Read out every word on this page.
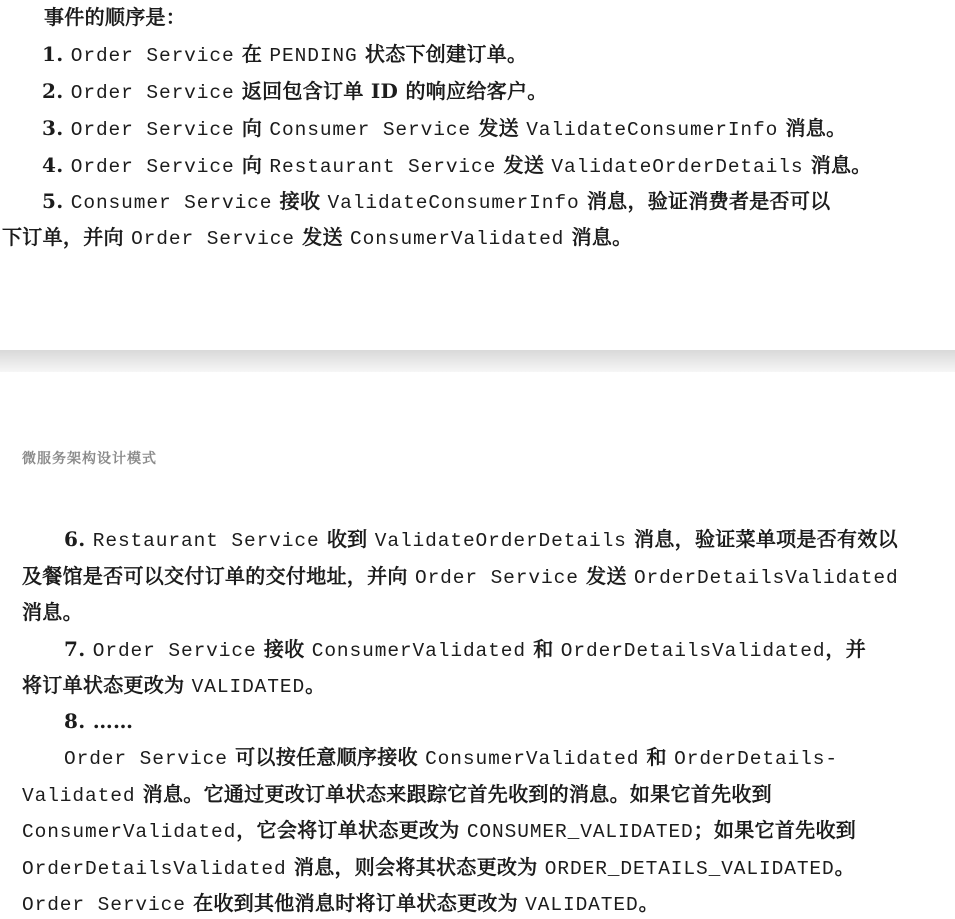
事件的顺序是：
1. Order Service 在 PENDING 状态下创建订单。
2. Order Service 返回包含订单 ID 的响应给客户。
3. Order Service 向 Consumer Service 发送 ValidateConsumerInfo 消息。
4. Order Service 向 Restaurant Service 发送 ValidateOrderDetails 消息。
5. Consumer Service 接收 ValidateConsumerInfo 消息，验证消费者是否可以
下订单，并向 Order Service 发送 ConsumerValidated 消息。
微服务架构设计模式
6. Restaurant Service 收到 ValidateOrderDetails 消息，验证菜单项是否有效以
及餐馆是否可以交付订单的交付地址，并向 Order Service 发送 OrderDetailsValidated
消息。
7. Order Service 接收 ConsumerValidated 和 OrderDetailsValidated，并
将订单状态更改为 VALIDATED。
8. ……
Order Service 可以按任意顺序接收 ConsumerValidated 和 OrderDetails-
Validated 消息。它通过更改订单状态来跟踪它首先收到的消息。如果它首先收到
ConsumerValidated，它会将订单状态更改为 CONSUMER_VALIDATED；如果它首先收到
OrderDetailsValidated 消息，则会将其状态更改为 ORDER_DETAILS_VALIDATED。
Order Service 在收到其他消息时将订单状态更改为 VALIDATED。
